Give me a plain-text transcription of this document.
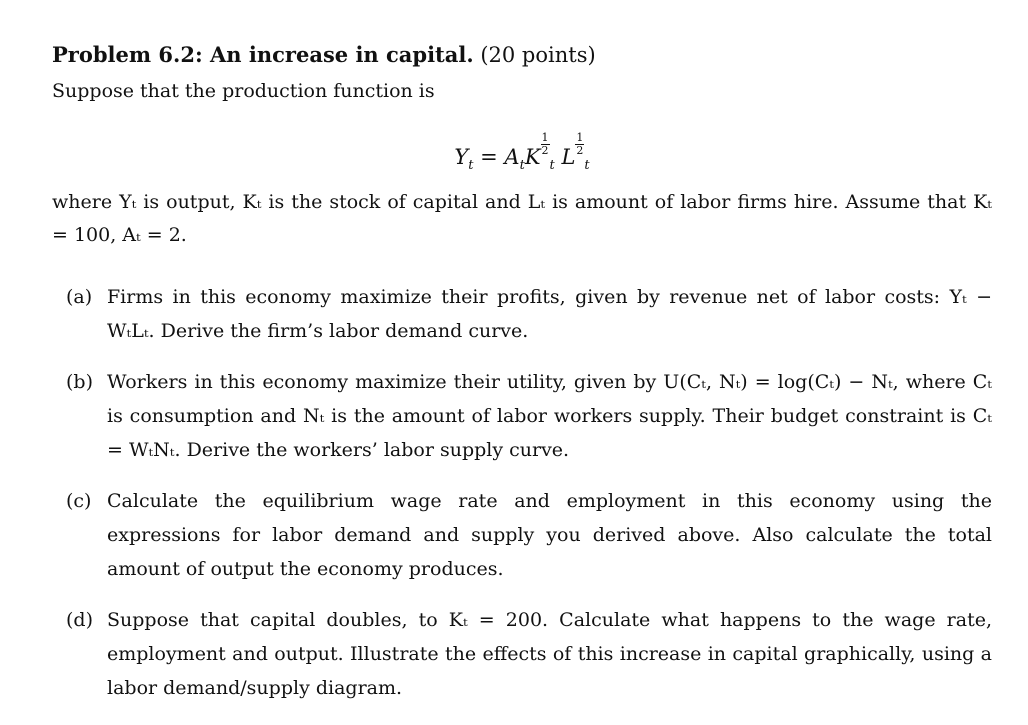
Problem 6.2: An increase in capital. (20 points)

Suppose that the production function is

$Y_t = A_tK \frac{1}{2}$
$_t$ L $\frac{1}{2}$
$_t$
where Yₜ is output, Kₜ is the stock of capital and Lₜ is amount of labor firms hire. Assume that Kₜ = 100, Aₜ = 2.
(a) Firms in this economy maximize their profits, given by revenue net of labor costs: Yₜ − WₜLₜ. Derive the firm’s labor demand curve.
(b) Workers in this economy maximize their utility, given by U(Cₜ, Nₜ) = log(Cₜ) − Nₜ, where Cₜ is consumption and Nₜ is the amount of labor workers supply. Their budget constraint is Cₜ = WₜNₜ. Derive the workers’ labor supply curve.
(c) Calculate the equilibrium wage rate and employment in this economy using the expressions for labor demand and supply you derived above. Also calculate the total amount of output the economy produces.
(d) Suppose that capital doubles, to Kₜ = 200. Calculate what happens to the wage rate, employment and output. Illustrate the effects of this increase in capital graphically, using a labor demand/supply diagram.
